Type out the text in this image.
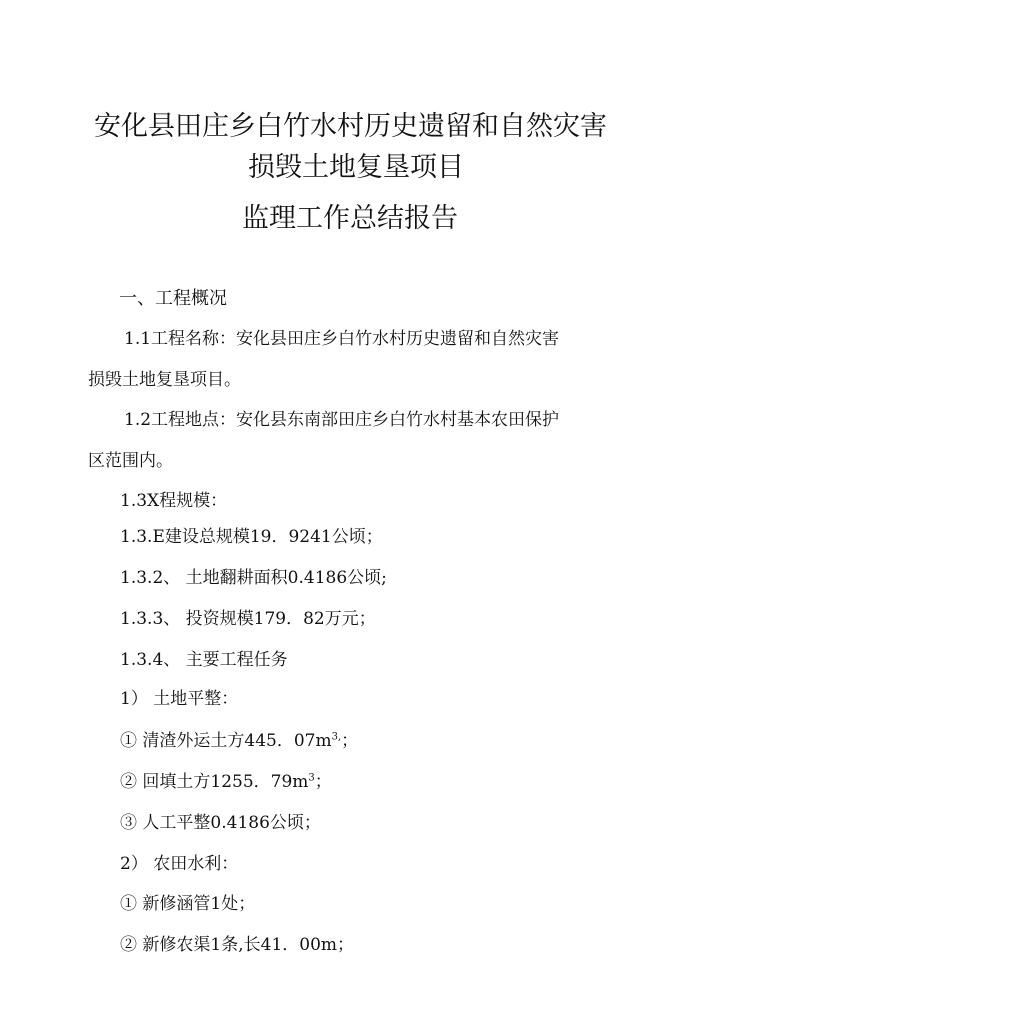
安化县田庄乡白竹水村历史遗留和自然灾害
损毁土地复垦项目
监理工作总结报告
一、工程概况
1.1工程名称：安化县田庄乡白竹水村历史遗留和自然灾害
损毁土地复垦项目。
1.2工程地点：安化县东南部田庄乡白竹水村基本农田保护
区范围内。
1.3X程规模：
1.3.E建设总规模19．9241公顷；
1.3.2、 土地翻耕面积0.4186公顷;
1.3.3、 投资规模179．82万元；
1.3.4、 主要工程任务
1） 土地平整：
① 清渣外运土方445．$07m^{3,}$；
② 回填土方1255．$79m^3$；
③ 人工平整0.4186公顷；
2） 农田水利：
① 新修涵管1处；
② 新修农渠1条,长41．00m；
